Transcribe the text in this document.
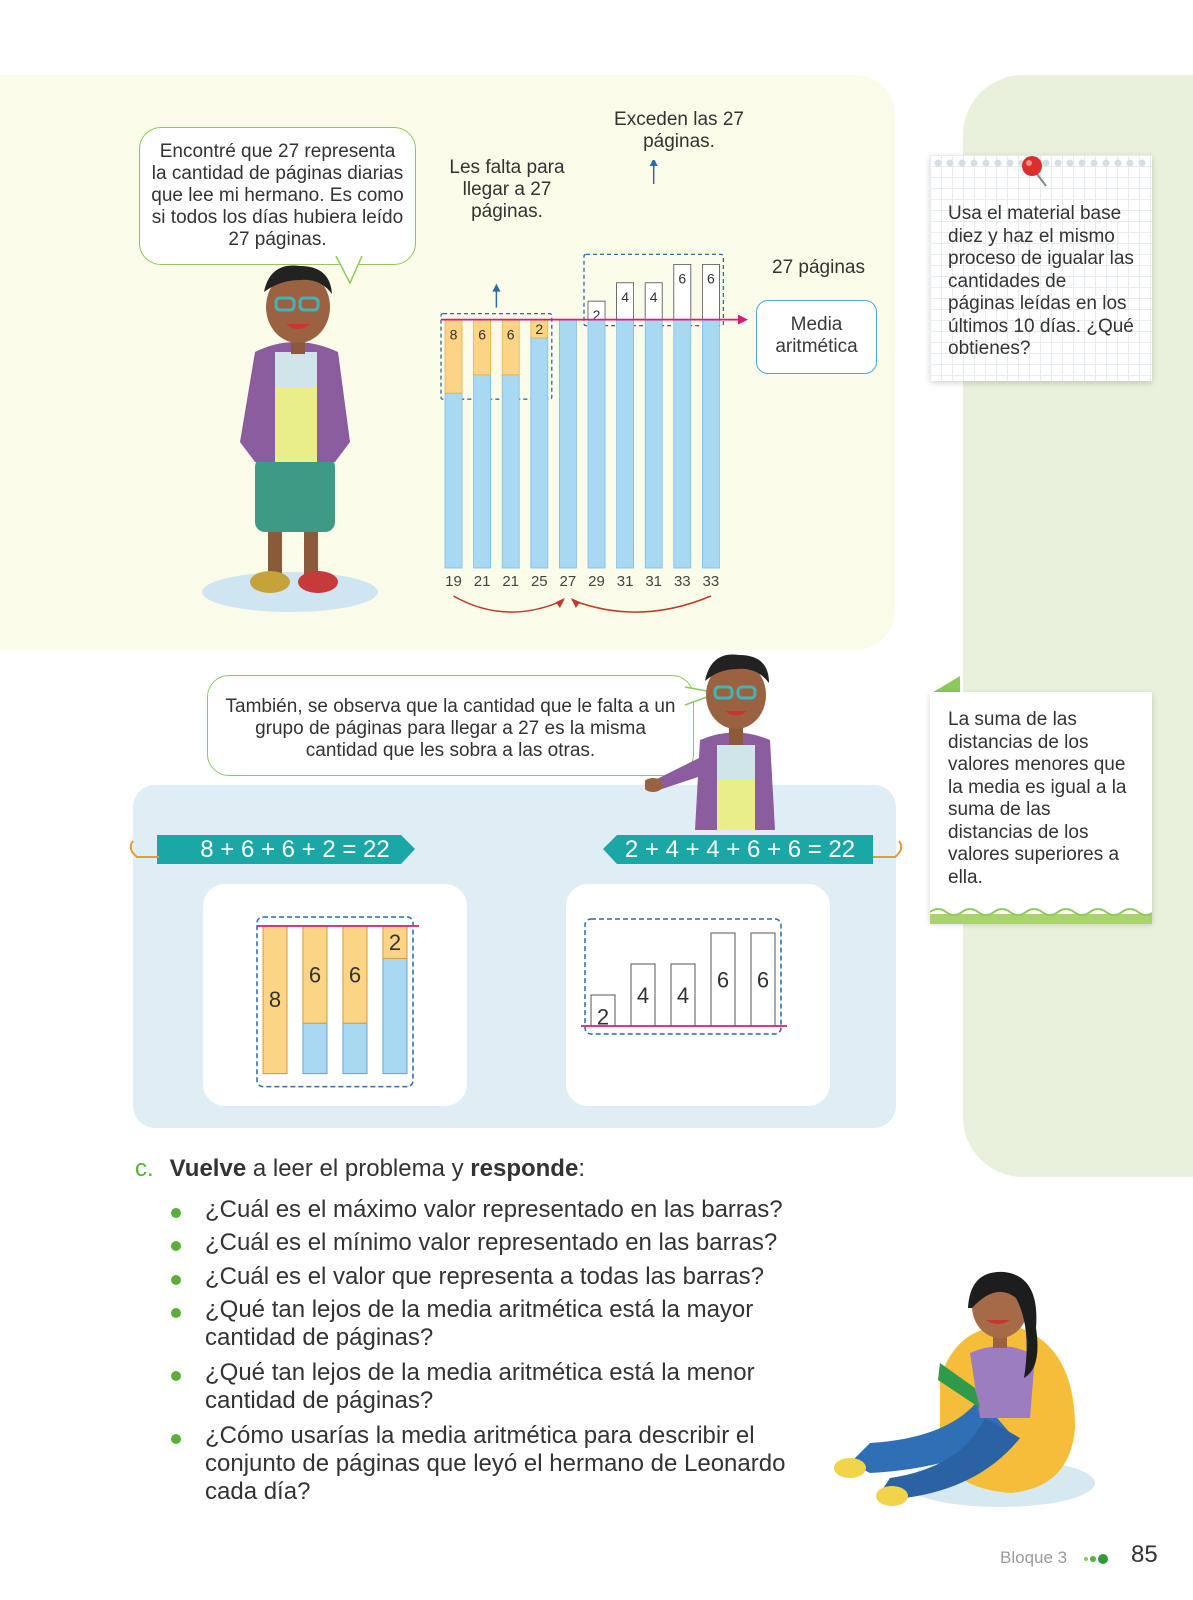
Encontré que 27 representa la cantidad de páginas diarias que lee mi hermano. Es como si todos los días hubiera leído 27 páginas.
Exceden las 27 páginas.
Les falta para llegar a 27 páginas.
27 páginas
Media aritmética
8
19
6
21
6
21
2
25 27
2
29
4
31
4
31
6
33
6
33
Usa el material base diez y haz el mismo proceso de igualar las cantidades de páginas leídas en los últimos 10 días. ¿Qué obtienes?
La suma de las distancias de los valores menores que la media es igual a la suma de las distancias de los valores superiores a ella.
También, se observa que la cantidad que le falta a un grupo de páginas para llegar a 27 es la misma cantidad que les sobra a las otras.
8 + 6 + 6 + 2 = 22	2 + 4 + 4 + 6 + 6 = 22
8
6 6
2
2
4 4
6 6
c. Vuelve a leer el problema y responde:
¿Cuál es el máximo valor representado en las barras?
¿Cuál es el mínimo valor representado en las barras?
¿Cuál es el valor que representa a todas las barras?
¿Qué tan lejos de la media aritmética está la mayor cantidad de páginas?
¿Qué tan lejos de la media aritmética está la menor cantidad de páginas?
¿Cómo usarías la media aritmética para describir el conjunto de páginas que leyó el hermano de Leonardo cada día?
Bloque 3	85
